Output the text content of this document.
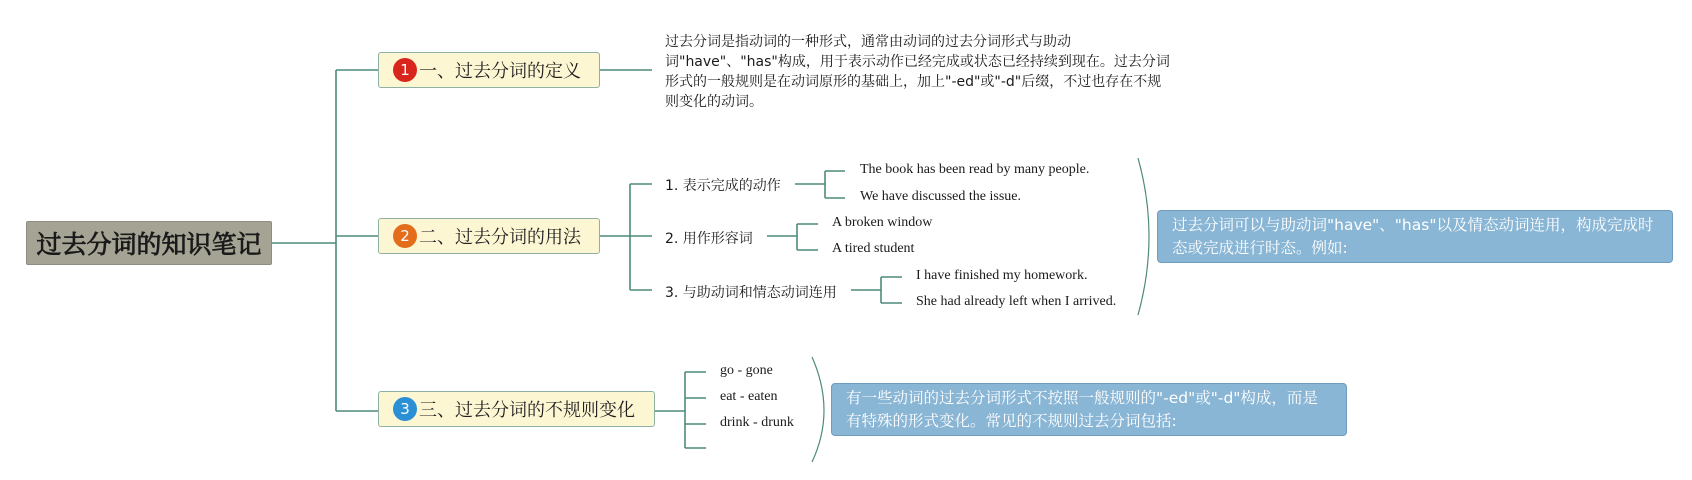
过去分词的知识笔记
1 一、过去分词的定义
2 二、过去分词的用法
3 三、过去分词的不规则变化
过去分词是指动词的一种形式，通常由动词的过去分词形式与助动
词"have"、"has"构成，用于表示动作已经完成或状态已经持续到现在。过去分词
形式的一般规则是在动词原形的基础上，加上"-ed"或"-d"后缀，不过也存在不规
则变化的动词。
1. 表示完成的动作
2. 用作形容词
3. 与助动词和情态动词连用
The book has been read by many people.
We have discussed the issue.
A broken window
A tired student
I have finished my homework.
She had already left when I arrived.
过去分词可以与助动词"have"、"has"以及情态动词连用，构成完成时态或完成进行时态。例如:
go - gone
eat - eaten
drink - drunk
有一些动词的过去分词形式不按照一般规则的"-ed"或"-d"构成，而是有特殊的形式变化。常见的不规则过去分词包括:
